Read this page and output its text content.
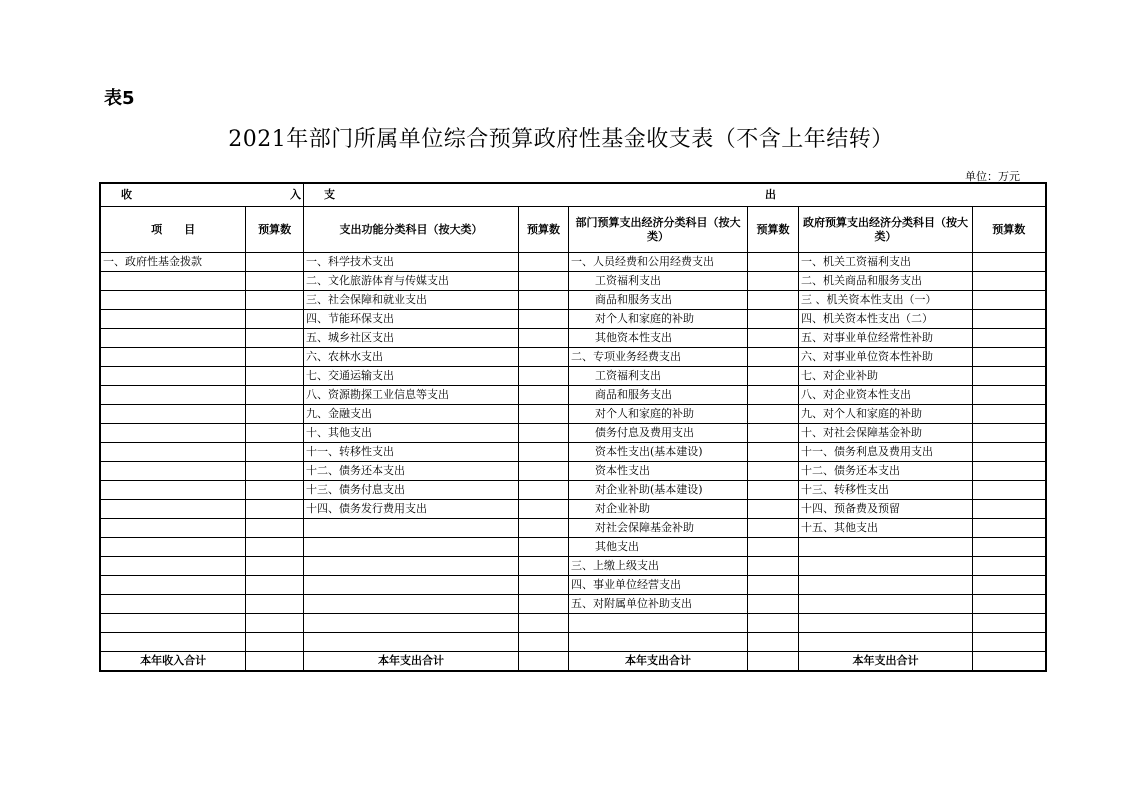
表5
2021年部门所属单位综合预算政府性基金收支表（不含上年结转）
单位：万元
收 入		支 出					

项　　目	预算数	支出功能分类科目（按大类）	预算数	部门预算支出经济分类科目（按大类）	预算数	政府预算支出经济分类科目（按大类）	预算数
一、政府性基金拨款		一、科学技术支出		一、人员经费和公用经费支出		一、机关工资福利支出	
		二、文化旅游体育与传媒支出		工资福利支出		二、机关商品和服务支出	
		三、社会保障和就业支出		商品和服务支出		三 、机关资本性支出（一）	
		四、节能环保支出		对个人和家庭的补助		四、机关资本性支出（二）	
		五、城乡社区支出		其他资本性支出		五、对事业单位经常性补助	
		六、农林水支出		二、专项业务经费支出		六、对事业单位资本性补助	
		七、交通运输支出		工资福利支出		七、对企业补助	
		八、资源勘探工业信息等支出		商品和服务支出		八、对企业资本性支出	
		九、金融支出		对个人和家庭的补助		九、对个人和家庭的补助	
		十、其他支出		债务付息及费用支出		十、对社会保障基金补助	
		十一、转移性支出		资本性支出(基本建设)		十一、债务利息及费用支出	
		十二、债务还本支出		资本性支出		十二、债务还本支出	
		十三、债务付息支出		对企业补助(基本建设)		十三、转移性支出	
		十四、债务发行费用支出		对企业补助		十四、预备费及预留	
				对社会保障基金补助		十五、其他支出	
				其他支出			
				三、上缴上级支出			
				四、事业单位经营支出			
				五、对附属单位补助支出			

本年收入合计		本年支出合计		本年支出合计		本年支出合计	
